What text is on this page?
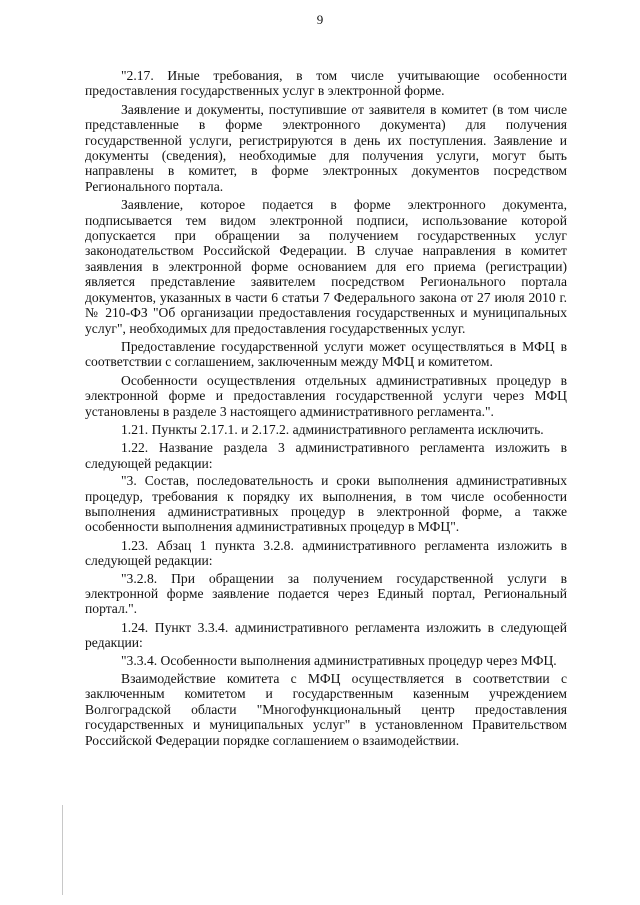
9

"2.17. Иные требования, в том числе учитывающие особенности предоставления государственных услуг в электронной форме.

Заявление и документы, поступившие от заявителя в комитет (в том числе представленные в форме электронного документа) для получения государственной услуги, регистрируются в день их поступления. Заявление и документы (сведения), необходимые для получения услуги, могут быть направлены в комитет, в форме электронных документов посредством Регионального портала.

Заявление, которое подается в форме электронного документа, подписывается тем видом электронной подписи, использование которой допускается при обращении за получением государственных услуг законодательством Российской Федерации. В случае направления в комитет заявления в электронной форме основанием для его приема (регистрации) является представление заявителем посредством Регионального портала документов, указанных в части 6 статьи 7 Федерального закона от 27 июля 2010 г. № 210-ФЗ "Об организации предоставления государственных и муниципальных услуг", необходимых для предоставления государственных услуг.

Предоставление государственной услуги может осуществляться в МФЦ в соответствии с соглашением, заключенным между МФЦ и комитетом.

Особенности осуществления отдельных административных процедур в электронной форме и предоставления государственной услуги через МФЦ установлены в разделе 3 настоящего административного регламента.".

1.21. Пункты 2.17.1. и 2.17.2. административного регламента исключить.

1.22. Название раздела 3 административного регламента изложить в следующей редакции:

"3. Состав, последовательность и сроки выполнения административных процедур, требования к порядку их выполнения, в том числе особенности выполнения административных процедур в электронной форме, а также особенности выполнения административных процедур в МФЦ".

1.23. Абзац 1 пункта 3.2.8. административного регламента изложить в следующей редакции:

"3.2.8. При обращении за получением государственной услуги в электронной форме заявление подается через Единый портал, Региональный портал.".

1.24. Пункт 3.3.4. административного регламента изложить в следующей редакции:

"3.3.4. Особенности выполнения административных процедур через МФЦ.

Взаимодействие комитета с МФЦ осуществляется в соответствии с заключенным комитетом и государственным казенным учреждением Волгоградской области "Многофункциональный центр предоставления государственных и муниципальных услуг" в установленном Правительством Российской Федерации порядке соглашением о взаимодействии.
